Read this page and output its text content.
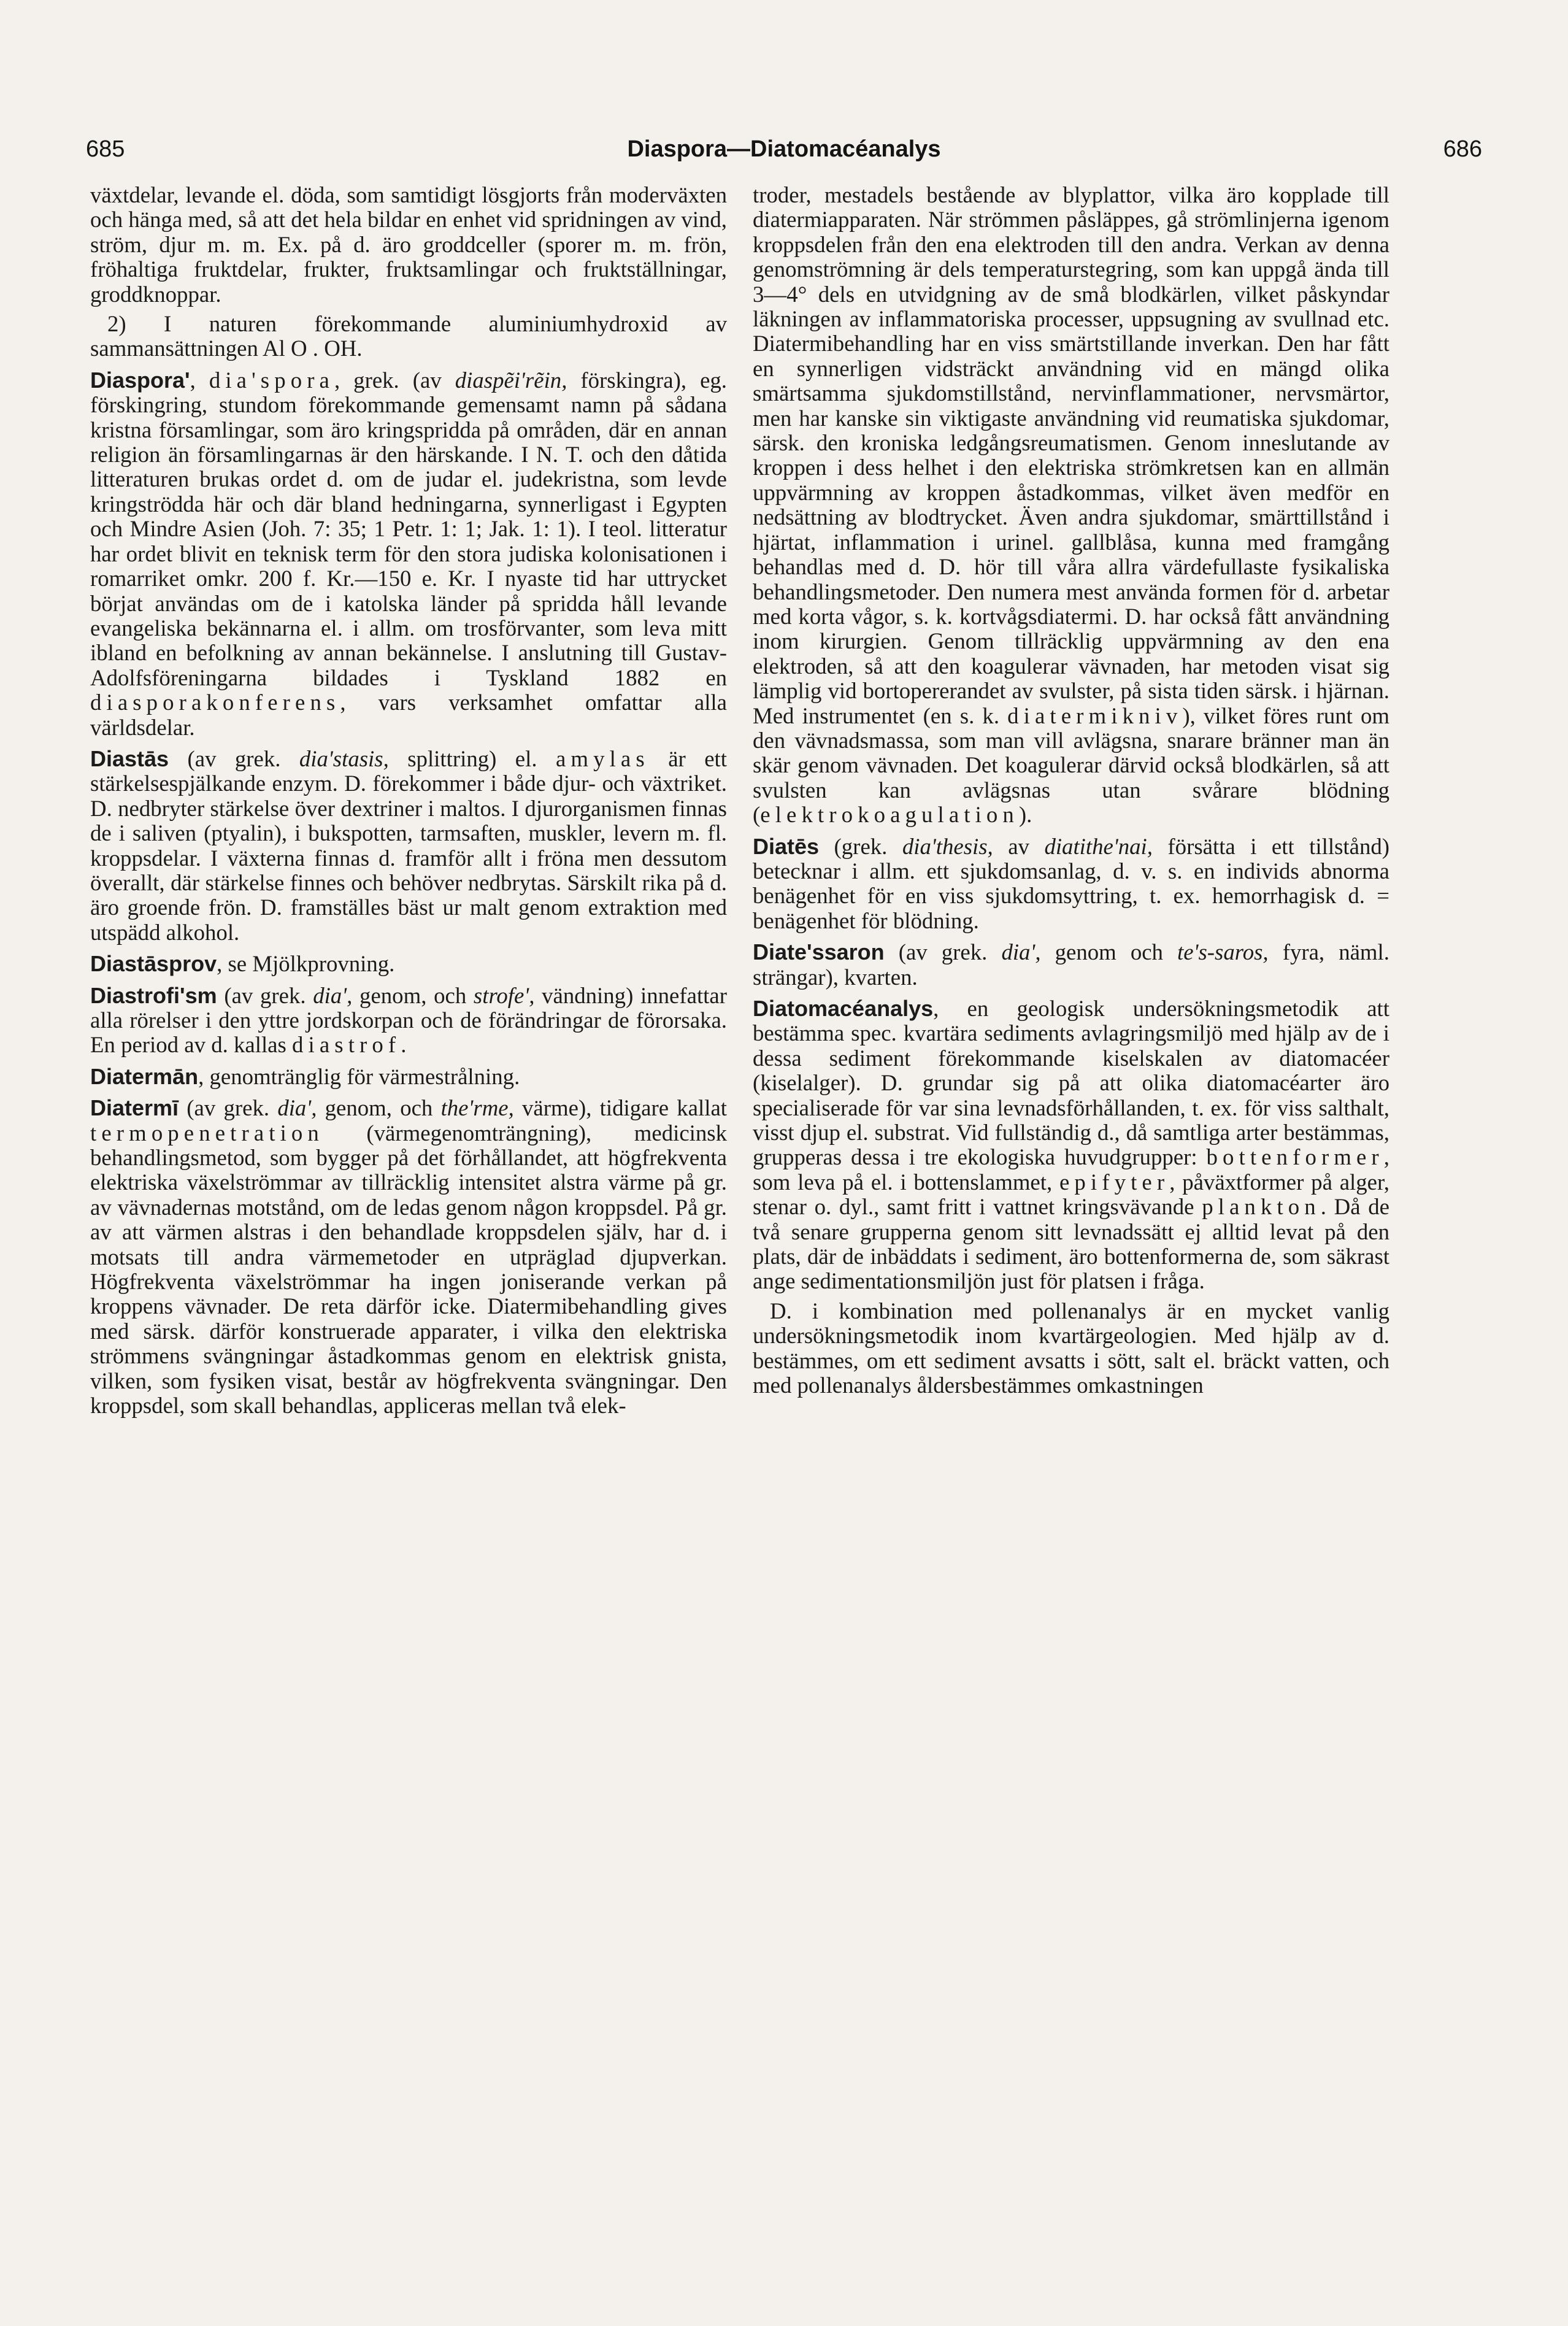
685	Diaspora—Diatomacéanalys	686

växtdelar, levande el. döda, som samtidigt lösgjorts från moderväxten och hänga med, så att det hela bildar en enhet vid spridningen av vind, ström, djur m. m. Ex. på d. äro groddceller (sporer m. m. frön, fröhaltiga fruktdelar, frukter, fruktsamlingar och fruktställningar, groddknoppar.

2) I naturen förekommande aluminiumhydroxid av sammansättningen Al O . OH.

Diaspora', dia'spora, grek. (av diaspẽi'rẽin, förskingra), eg. förskingring, stundom förekommande gemensamt namn på sådana kristna församlingar, som äro kringspridda på områden, där en annan religion än församlingarnas är den härskande. I N. T. och den dåtida litteraturen brukas ordet d. om de judar el. judekristna, som levde kringströdda här och där bland hedningarna, synnerligast i Egypten och Mindre Asien (Joh. 7: 35; 1 Petr. 1: 1; Jak. 1: 1). I teol. litteratur har ordet blivit en teknisk term för den stora judiska kolonisationen i romarriket omkr. 200 f. Kr.—150 e. Kr. I nyaste tid har uttrycket börjat användas om de i katolska länder på spridda håll levande evangeliska bekännarna el. i allm. om trosförvanter, som leva mitt ibland en befolkning av annan bekännelse. I anslutning till Gustav-Adolfsföreningarna bildades i Tyskland 1882 en diasporakonferens, vars verksamhet omfattar alla världsdelar.

Diastās (av grek. dia'stasis, splittring) el. amylas är ett stärkelsespjälkande enzym. D. förekommer i både djur- och växtriket. D. nedbryter stärkelse över dextriner i maltos. I djurorganismen finnas de i saliven (ptyalin), i bukspotten, tarmsaften, muskler, levern m. fl. kroppsdelar. I växterna finnas d. framför allt i fröna men dessutom överallt, där stärkelse finnes och behöver nedbrytas. Särskilt rika på d. äro groende frön. D. framställes bäst ur malt genom extraktion med utspädd alkohol.

Diastāsprov, se Mjölkprovning.

Diastrofi'sm (av grek. dia', genom, och strofe', vändning) innefattar alla rörelser i den yttre jordskorpan och de förändringar de förorsaka. En period av d. kallas diastrof.

Diatermān, genomtränglig för värmestrålning.

Diatermī (av grek. dia', genom, och the'rme, värme), tidigare kallat termopenetration (värmegenomträngning), medicinsk behandlingsmetod, som bygger på det förhållandet, att högfrekventa elektriska växelströmmar av tillräcklig intensitet alstra värme på gr. av vävnadernas motstånd, om de ledas genom någon kroppsdel. På gr. av att värmen alstras i den behandlade kroppsdelen själv, har d. i motsats till andra värmemetoder en utpräglad djupverkan. Högfrekventa växelströmmar ha ingen joniserande verkan på kroppens vävnader. De reta därför icke. Diatermibehandling gives med särsk. därför konstruerade apparater, i vilka den elektriska strömmens svängningar åstadkommas genom en elektrisk gnista, vilken, som fysiken visat, består av högfrekventa svängningar. Den kroppsdel, som skall behandlas, appliceras mellan två elek-

troder, mestadels bestående av blyplattor, vilka äro kopplade till diatermiapparaten. När strömmen påsläppes, gå strömlinjerna igenom kroppsdelen från den ena elektroden till den andra. Verkan av denna genomströmning är dels temperaturstegring, som kan uppgå ända till 3—4° dels en utvidgning av de små blodkärlen, vilket påskyndar läkningen av inflammatoriska processer, uppsugning av svullnad etc. Diatermibehandling har en viss smärtstillande inverkan. Den har fått en synnerligen vidsträckt användning vid en mängd olika smärtsamma sjukdomstillstånd, nervinflammationer, nervsmärtor, men har kanske sin viktigaste användning vid reumatiska sjukdomar, särsk. den kroniska ledgångsreumatismen. Genom inneslutande av kroppen i dess helhet i den elektriska strömkretsen kan en allmän uppvärmning av kroppen åstadkommas, vilket även medför en nedsättning av blodtrycket. Även andra sjukdomar, smärttillstånd i hjärtat, inflammation i urinel. gallblåsa, kunna med framgång behandlas med d. D. hör till våra allra värdefullaste fysikaliska behandlingsmetoder. Den numera mest använda formen för d. arbetar med korta vågor, s. k. kortvågsdiatermi. D. har också fått användning inom kirurgien. Genom tillräcklig uppvärmning av den ena elektroden, så att den koagulerar vävnaden, har metoden visat sig lämplig vid bortopererandet av svulster, på sista tiden särsk. i hjärnan. Med instrumentet (en s. k. diatermikniv), vilket föres runt om den vävnadsmassa, som man vill avlägsna, snarare bränner man än skär genom vävnaden. Det koagulerar därvid också blodkärlen, så att svulsten kan avlägsnas utan svårare blödning (elektrokoagulation).

Diatēs (grek. dia'thesis, av diatithe'nai, försätta i ett tillstånd) betecknar i allm. ett sjukdomsanlag, d. v. s. en individs abnorma benägenhet för en viss sjukdomsyttring, t. ex. hemorrhagisk d. = benägenhet för blödning.

Diate'ssaron (av grek. dia', genom och te's-saros, fyra, näml. strängar), kvarten.

Diatomacéanalys, en geologisk undersökningsmetodik att bestämma spec. kvartära sediments avlagringsmiljö med hjälp av de i dessa sediment förekommande kiselskalen av diatomacéer (kiselalger). D. grundar sig på att olika diatomacéarter äro specialiserade för var sina levnadsförhållanden, t. ex. för viss salthalt, visst djup el. substrat. Vid fullständig d., då samtliga arter bestämmas, grupperas dessa i tre ekologiska huvudgrupper: bottenformer, som leva på el. i bottenslammet, epifyter, påväxtformer på alger, stenar o. dyl., samt fritt i vattnet kringsvävande plankton. Då de två senare grupperna genom sitt levnadssätt ej alltid levat på den plats, där de inbäddats i sediment, äro bottenformerna de, som säkrast ange sedimentationsmiljön just för platsen i fråga.

D. i kombination med pollenanalys är en mycket vanlig undersökningsmetodik inom kvartärgeologien. Med hjälp av d. bestämmes, om ett sediment avsatts i sött, salt el. bräckt vatten, och med pollenanalys åldersbestämmes omkastningen
